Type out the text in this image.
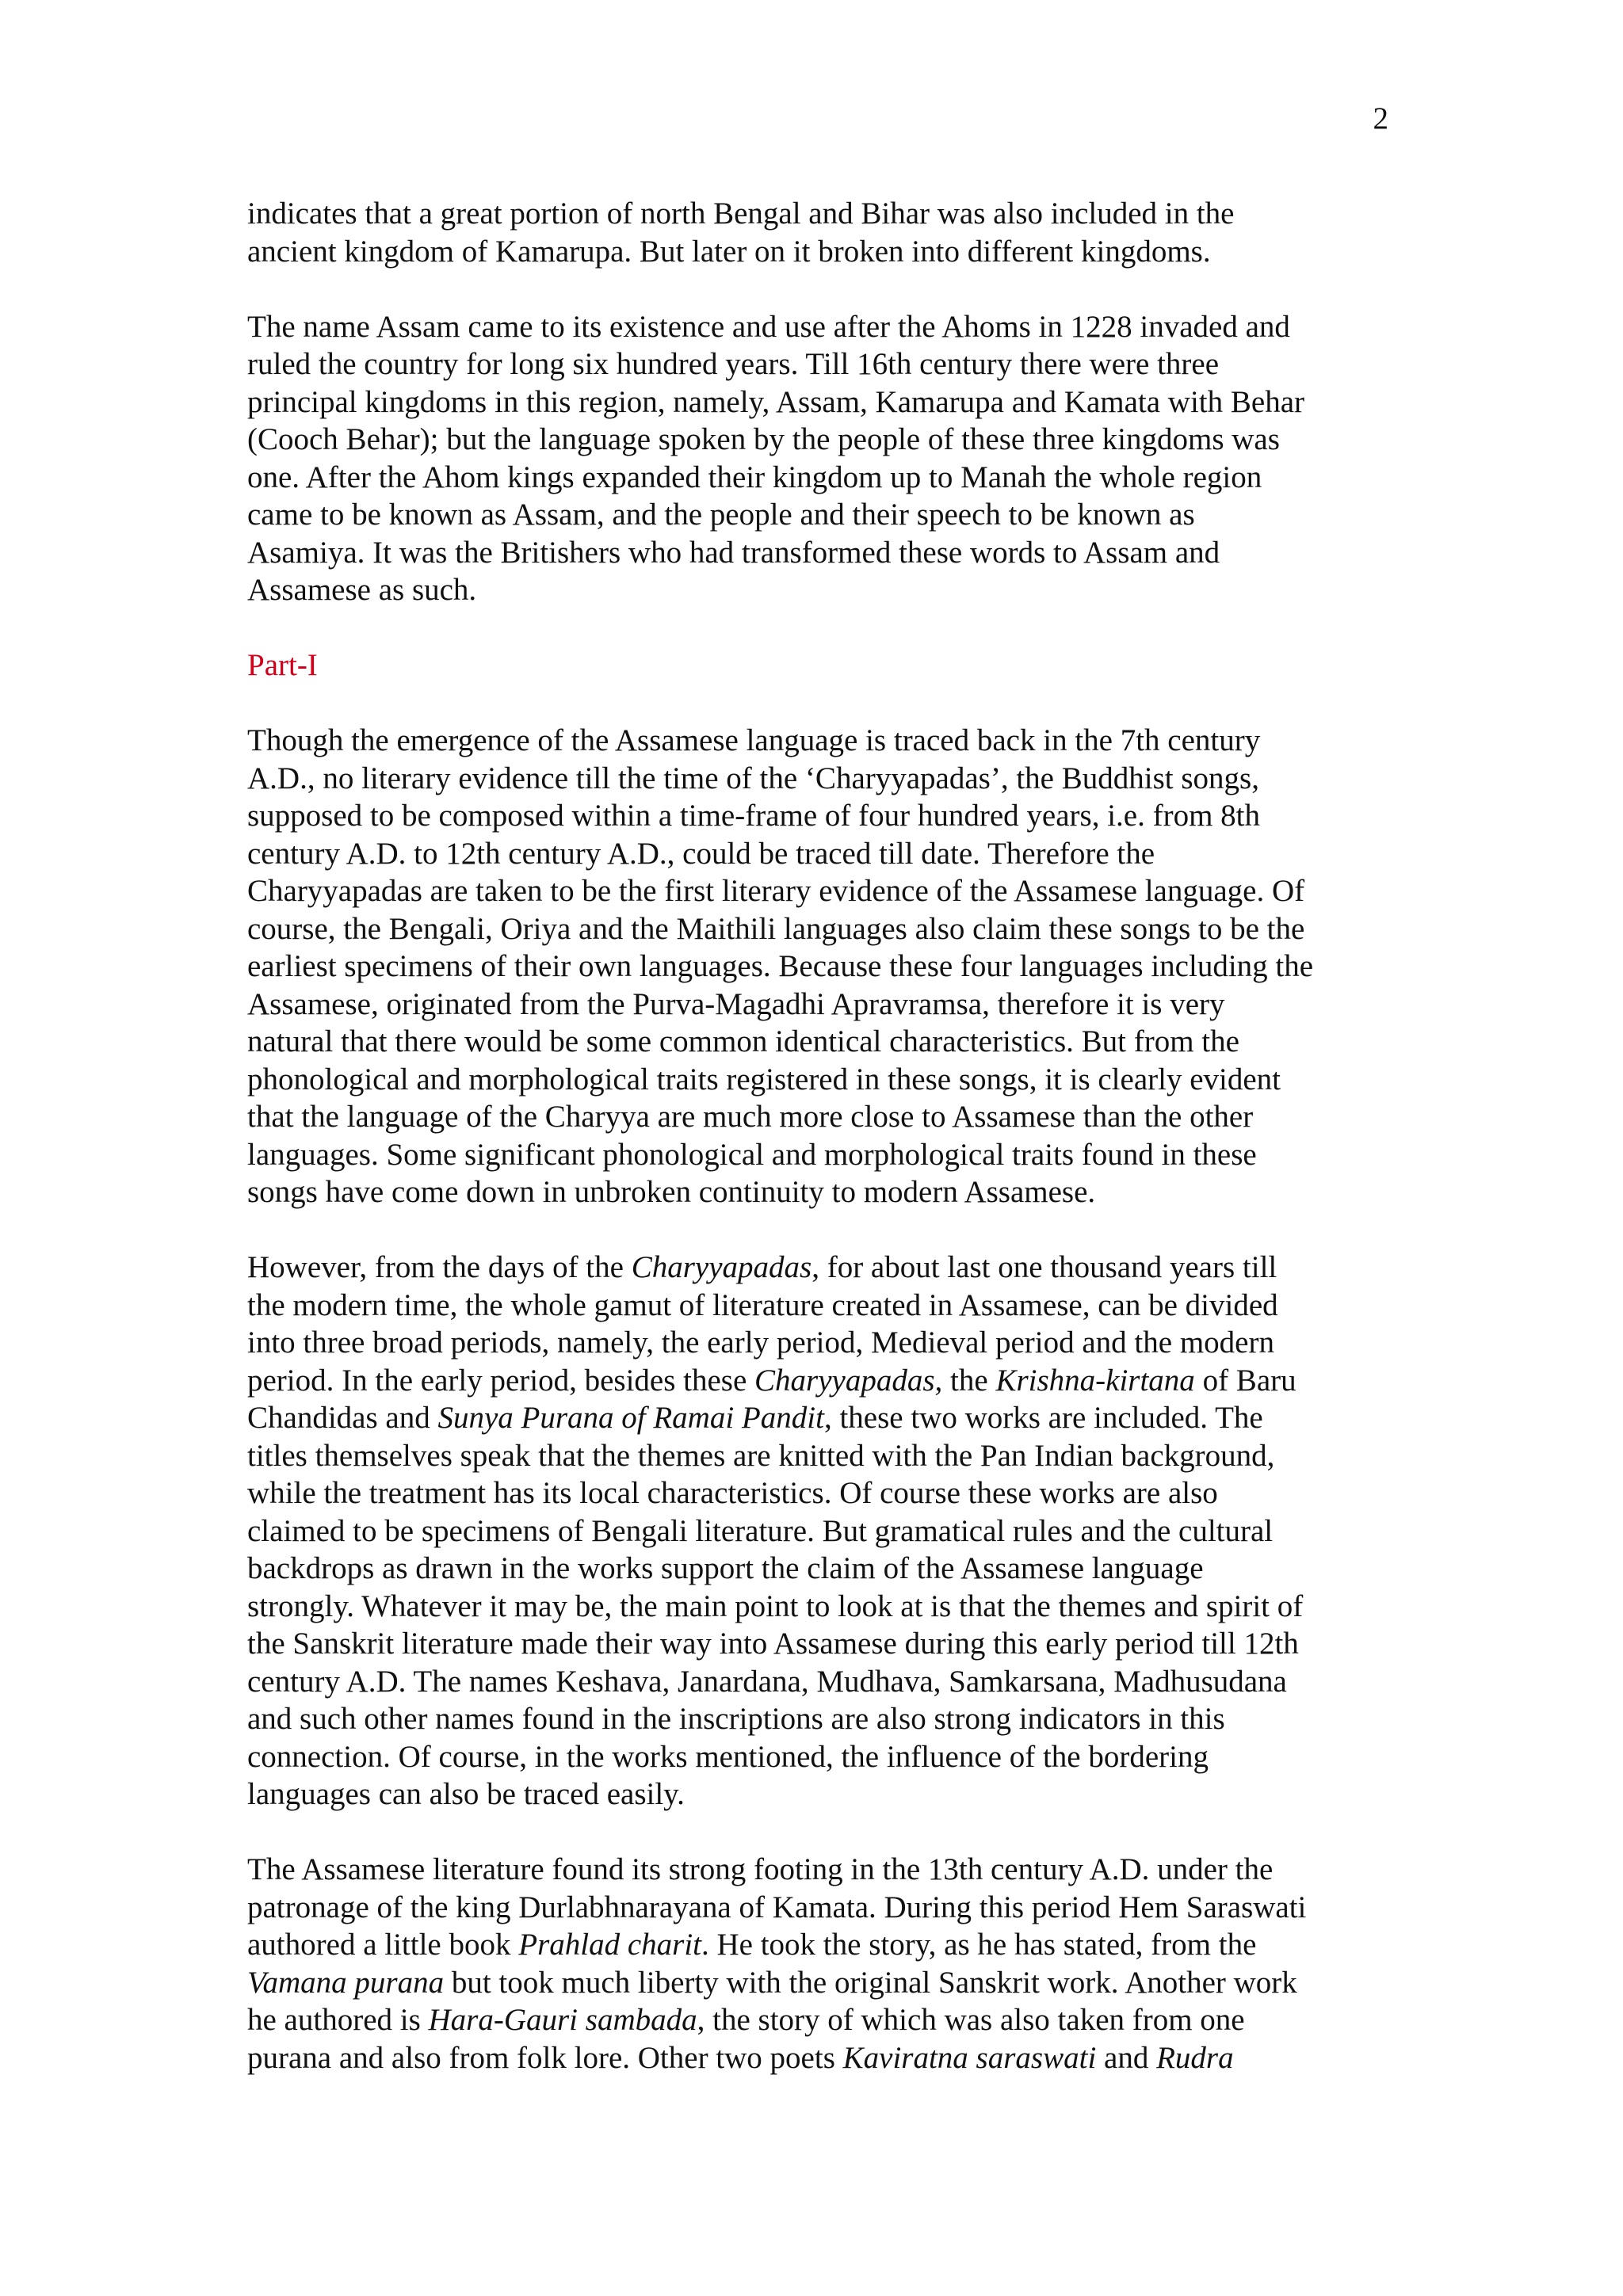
2
indicates that a great portion of north Bengal and Bihar was also included in the
ancient kingdom of Kamarupa. But later on it broken into different kingdoms.
The name Assam came to its existence and use after the Ahoms in 1228 invaded and
ruled the country for long six hundred years. Till 16th century there were three
principal kingdoms in this region, namely, Assam, Kamarupa and Kamata with Behar
(Cooch Behar); but the language spoken by the people of these three kingdoms was
one. After the Ahom kings expanded their kingdom up to Manah the whole region
came to be known as Assam, and the people and their speech to be known as
Asamiya. It was the Britishers who had transformed these words to Assam and
Assamese as such.
Part-I
Though the emergence of the Assamese language is traced back in the 7th century
A.D., no literary evidence till the time of the ‘Charyyapadas’, the Buddhist songs,
supposed to be composed within a time-frame of four hundred years, i.e. from 8th
century A.D. to 12th century A.D., could be traced till date. Therefore the
Charyyapadas are taken to be the first literary evidence of the Assamese language. Of
course, the Bengali, Oriya and the Maithili languages also claim these songs to be the
earliest specimens of their own languages. Because these four languages including the
Assamese, originated from the Purva-Magadhi Apravramsa, therefore it is very
natural that there would be some common identical characteristics. But from the
phonological and morphological traits registered in these songs, it is clearly evident
that the language of the Charyya are much more close to Assamese than the other
languages. Some significant phonological and morphological traits found in these
songs have come down in unbroken continuity to modern Assamese.
However, from the days of the Charyyapadas, for about last one thousand years till
the modern time, the whole gamut of literature created in Assamese, can be divided
into three broad periods, namely, the early period, Medieval period and the modern
period. In the early period, besides these Charyyapadas, the Krishna-kirtana of Baru
Chandidas and Sunya Purana of Ramai Pandit, these two works are included. The
titles themselves speak that the themes are knitted with the Pan Indian background,
while the treatment has its local characteristics. Of course these works are also
claimed to be specimens of Bengali literature. But gramatical rules and the cultural
backdrops as drawn in the works support the claim of the Assamese language
strongly. Whatever it may be, the main point to look at is that the themes and spirit of
the Sanskrit literature made their way into Assamese during this early period till 12th
century A.D. The names Keshava, Janardana, Mudhava, Samkarsana, Madhusudana
and such other names found in the inscriptions are also strong indicators in this
connection. Of course, in the works mentioned, the influence of the bordering
languages can also be traced easily.
The Assamese literature found its strong footing in the 13th century A.D. under the
patronage of the king Durlabhnarayana of Kamata. During this period Hem Saraswati
authored a little book Prahlad charit. He took the story, as he has stated, from the
Vamana purana but took much liberty with the original Sanskrit work. Another work
he authored is Hara-Gauri sambada, the story of which was also taken from one
purana and also from folk lore. Other two poets Kaviratna saraswati and Rudra
